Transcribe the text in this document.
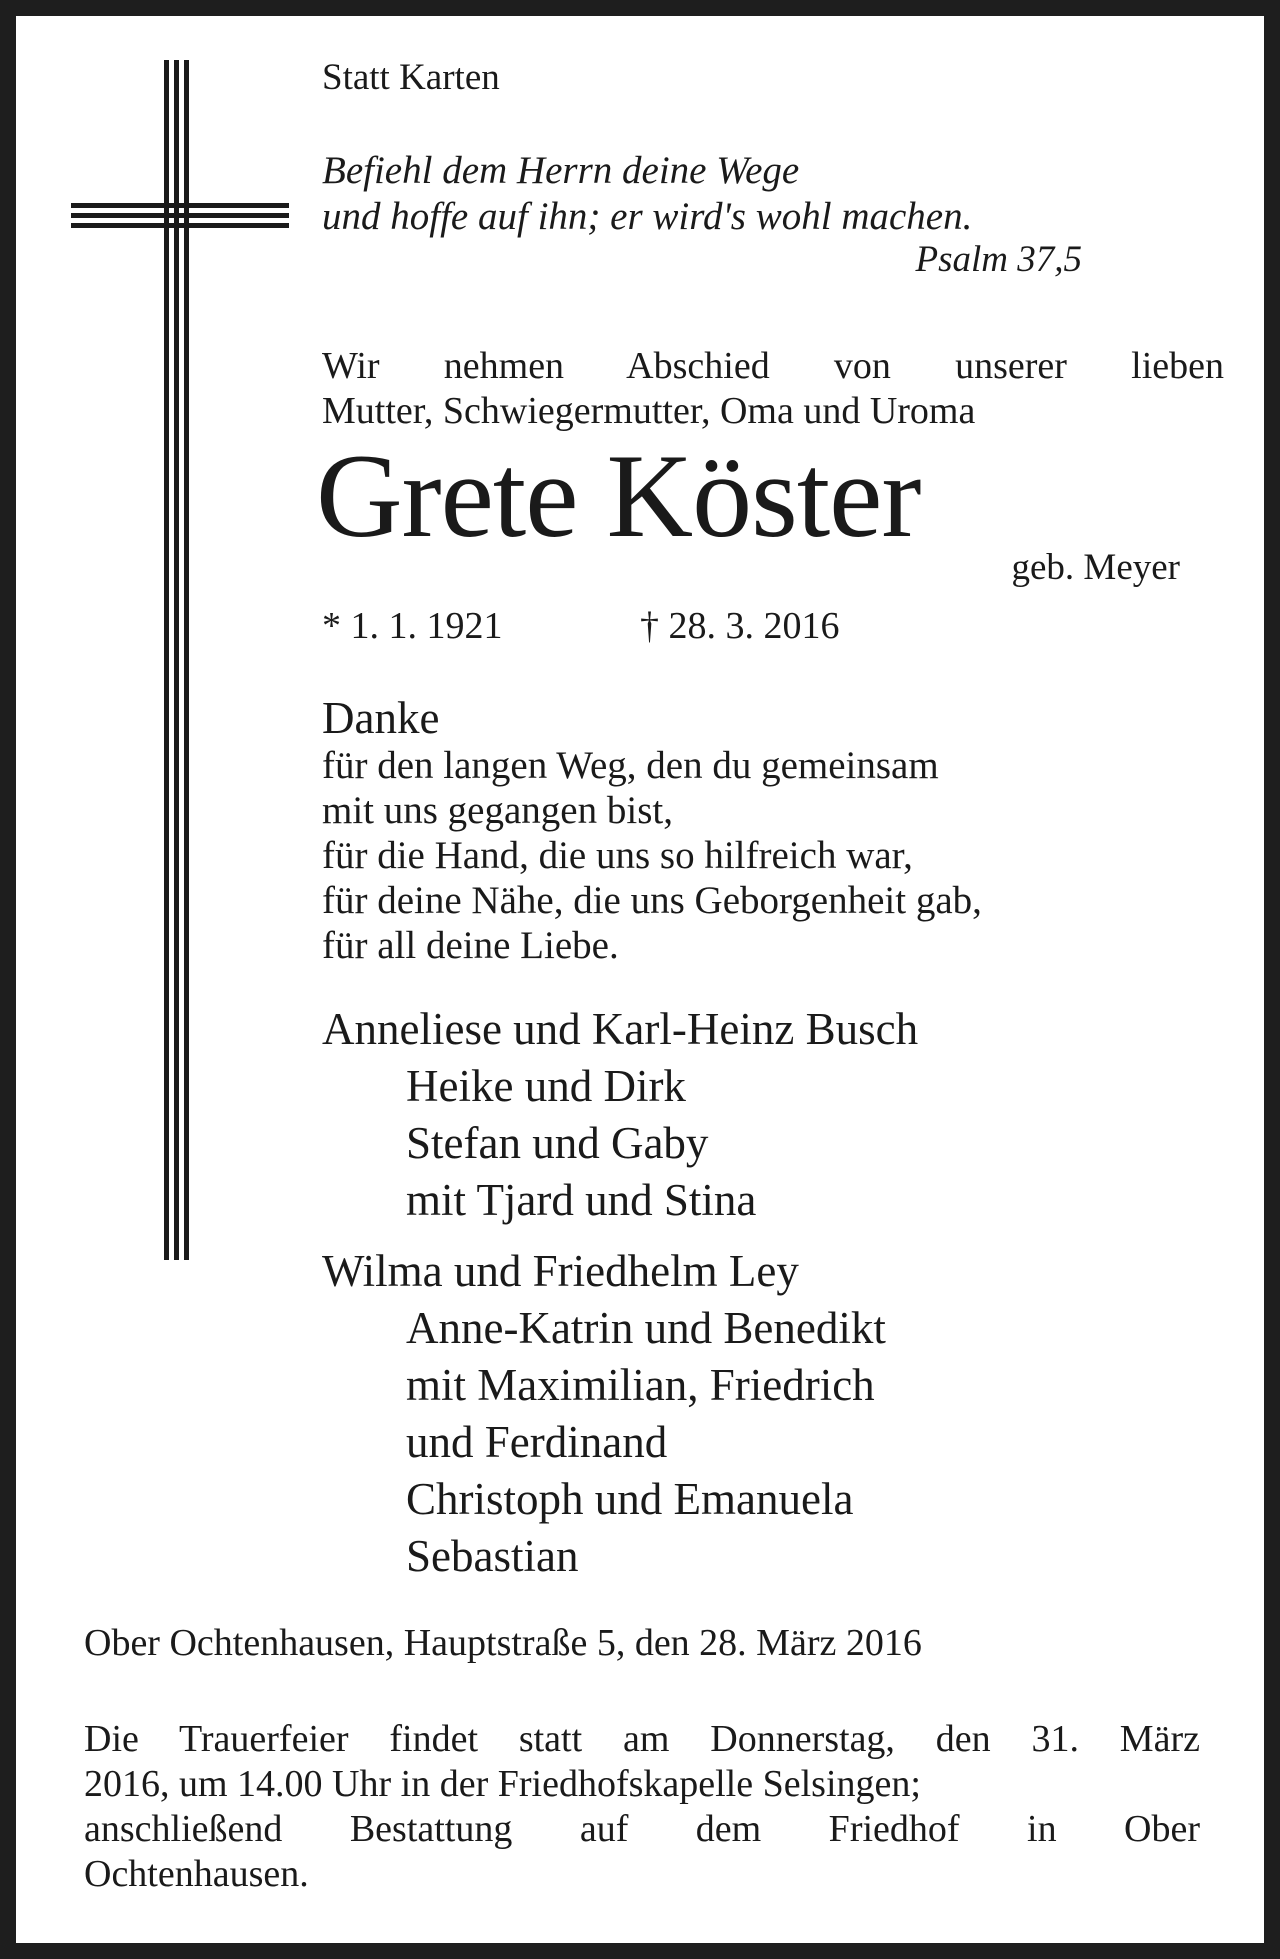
Statt Karten
Befiehl dem Herrn deine Wege
und hoffe auf ihn; er wird's wohl machen.
Psalm 37,5
Wir nehmen Abschied von unserer lieben
Mutter, Schwiegermutter, Oma und Uroma
Grete Köster
geb. Meyer
* 1. 1. 1921	† 28. 3. 2016
Danke
für den langen Weg, den du gemeinsam
mit uns gegangen bist,
für die Hand, die uns so hilfreich war,
für deine Nähe, die uns Geborgenheit gab,
für all deine Liebe.
Anneliese und Karl-Heinz Busch
Heike und Dirk
Stefan und Gaby
mit Tjard und Stina
Wilma und Friedhelm Ley
Anne-Katrin und Benedikt
mit Maximilian, Friedrich
und Ferdinand
Christoph und Emanuela
Sebastian
Ober Ochtenhausen, Hauptstraße 5, den 28. März 2016
Die Trauerfeier findet statt am Donnerstag, den 31. März
2016, um 14.00 Uhr in der Friedhofskapelle Selsingen;
anschließend Bestattung auf dem Friedhof in Ober
Ochtenhausen.
